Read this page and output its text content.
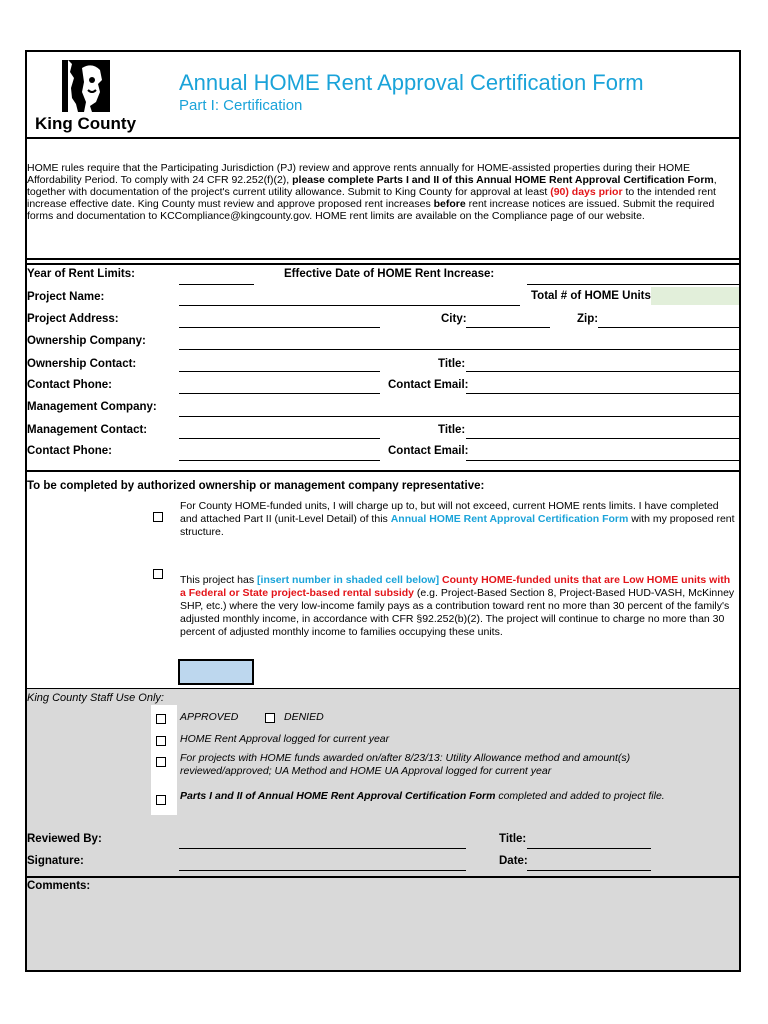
King County
Annual HOME Rent Approval Certification Form
Part I: Certification
HOME rules require that the Participating Jurisdiction (PJ) review and approve rents annually for HOME-assisted properties during their HOME Affordability Period. To comply with 24 CFR 92.252(f)(2), please complete Parts I and II of this Annual HOME Rent Approval Certification Form, together with documentation of the project's current utility allowance. Submit to King County for approval at least (90) days prior to the intended rent increase effective date. King County must review and approve proposed rent increases before rent increase notices are issued. Submit the required forms and documentation to KCCompliance@kingcounty.gov. HOME rent limits are available on the Compliance page of our website.
Year of Rent Limits:	Effective Date of HOME Rent Increase:
Project Name:	Total # of HOME Units
Project Address:	City:	Zip:
Ownership Company:
Ownership Contact:	Title:
Contact Phone:	Contact Email:
Management Company:
Management Contact:	Title:
Contact Phone:	Contact Email:
To be completed by authorized ownership or management company representative:
For County HOME-funded units, I will charge up to, but will not exceed, current HOME rents limits. I have completed and attached Part II (unit-Level Detail) of this Annual HOME Rent Approval Certification Form with my proposed rent structure.
This project has [insert number in shaded cell below] County HOME-funded units that are Low HOME units with a Federal or State project-based rental subsidy (e.g. Project-Based Section 8, Project-Based HUD-VASH, McKinney SHP, etc.) where the very low-income family pays as a contribution toward rent no more than 30 percent of the family's adjusted monthly income, in accordance with CFR §92.252(b)(2). The project will continue to charge no more than 30 percent of adjusted monthly income to families occupying these units.
King County Staff Use Only:
APPROVED	DENIED
HOME Rent Approval logged for current year
For projects with HOME funds awarded on/after 8/23/13: Utility Allowance method and amount(s) reviewed/approved; UA Method and HOME UA Approval logged for current year
Parts I and II of Annual HOME Rent Approval Certification Form completed and added to project file.
Reviewed By:	Title:
Signature:	Date:
Comments:
